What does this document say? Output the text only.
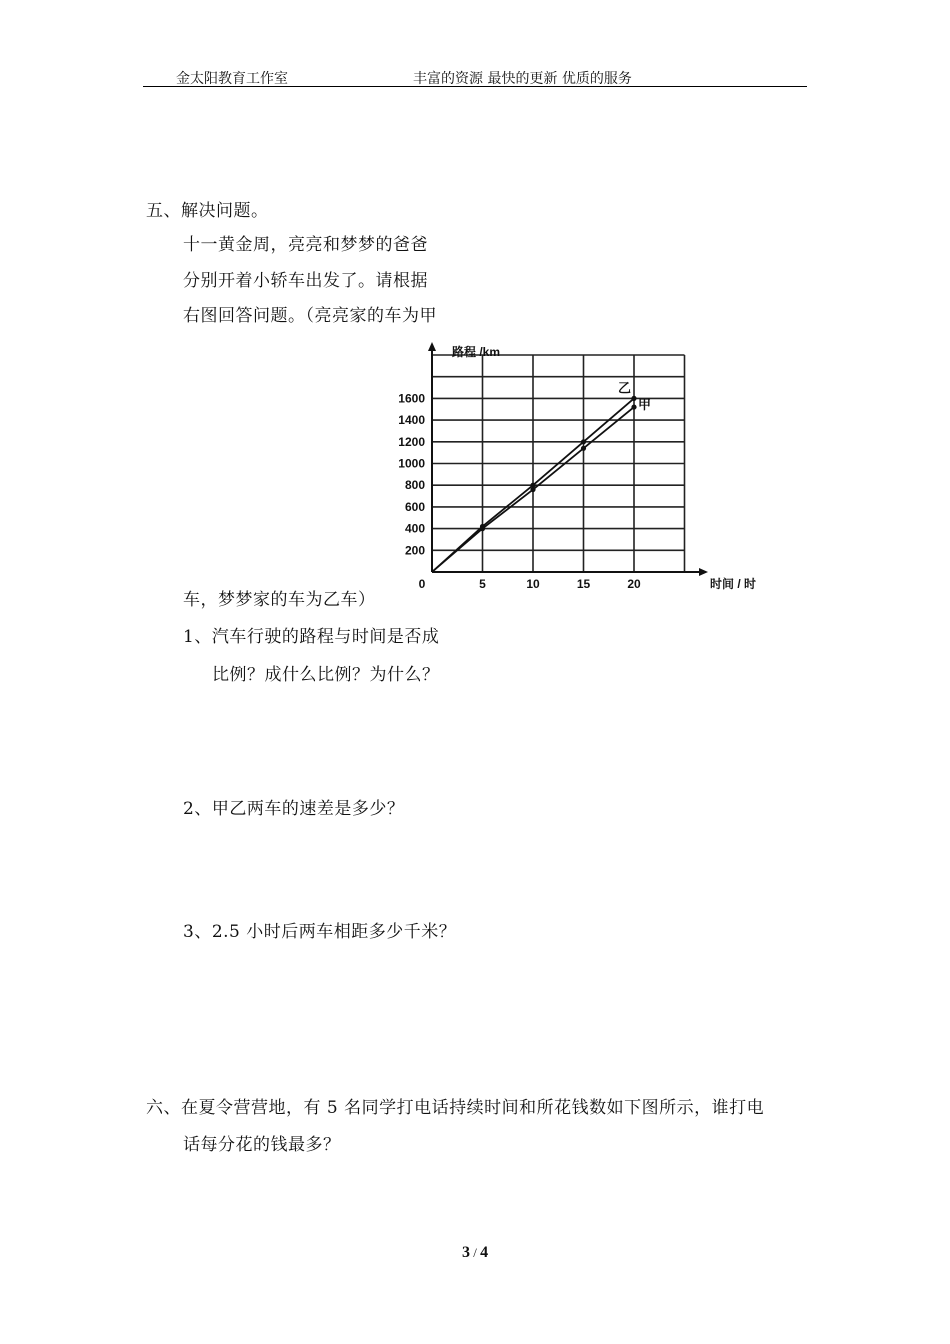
金太阳教育工作室	丰富的资源 最快的更新 优质的服务
五、解决问题。
十一黄金周，亮亮和梦梦的爸爸
分别开着小轿车出发了。请根据
右图回答问题。（亮亮家的车为甲
车，梦梦家的车为乙车）
1、汽车行驶的路程与时间是否成
比例？成什么比例？为什么？
2、甲乙两车的速差是多少？
3、2.5 小时后两车相距多少千米？
六、在夏令营营地，有 5 名同学打电话持续时间和所花钱数如下图所示，谁打电
话每分花的钱最多？
路程 /km
时间 / 时
200
400
600
800
1000
1200
1400
1600
0	5	10	15	20
乙
甲
3 / 4
